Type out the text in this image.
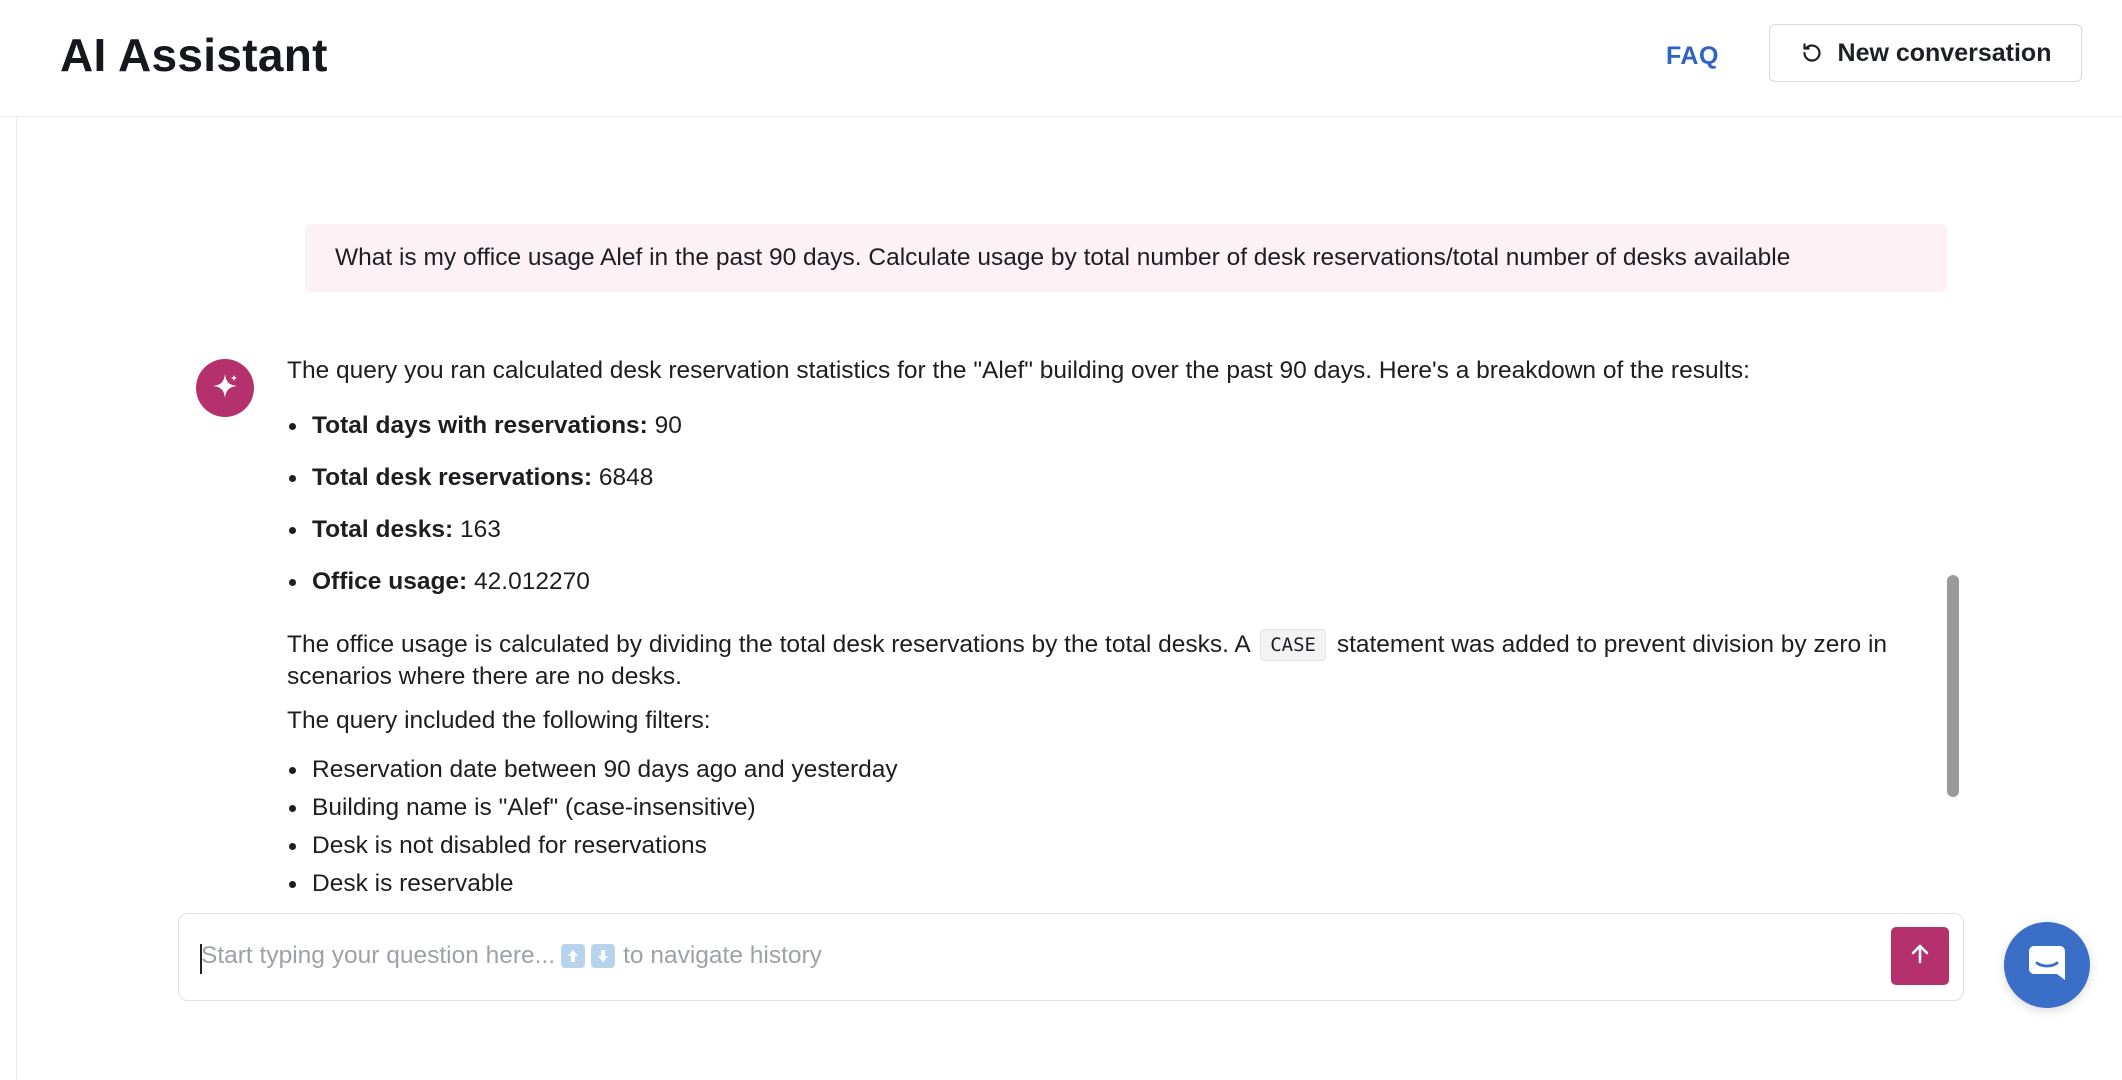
AI Assistant	FAQ	New conversation
What is my office usage Alef in the past 90 days. Calculate usage by total number of desk reservations/total number of desks available

The query you ran calculated desk reservation statistics for the "Alef" building over the past 90 days. Here's a breakdown of the results:

Total days with reservations: 90
Total desk reservations: 6848
Total desks: 163
Office usage: 42.012270

The office usage is calculated by dividing the total desk reservations by the total desks. A CASE statement was added to prevent division by zero in scenarios where there are no desks.

The query included the following filters:

Reservation date between 90 days ago and yesterday
Building name is "Alef" (case-insensitive)
Desk is not disabled for reservations
Desk is reservable
Start typing your question here...	to navigate history
